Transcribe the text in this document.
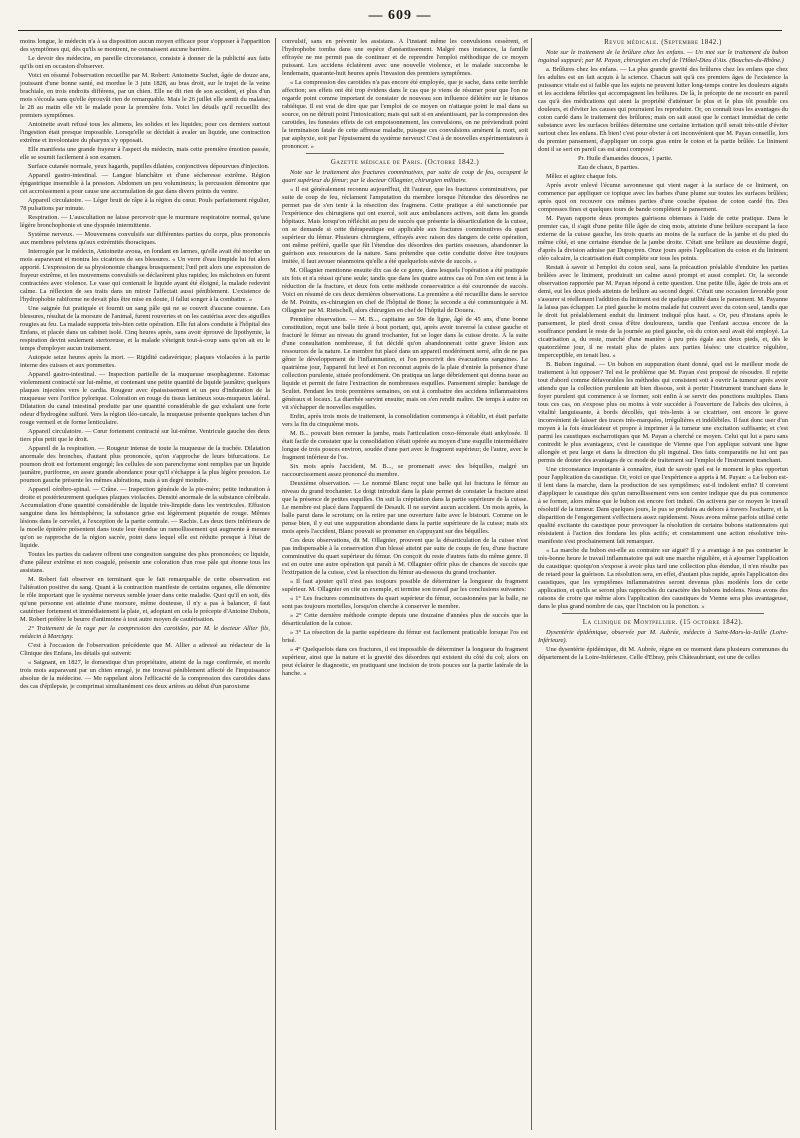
— 609 —

moins longue, le médecin n'a à sa disposition aucun moyen efficace pour s'opposer à l'apparition des symptômes qui, dès qu'ils se montrent, ne connaissent aucune barrière.

Le devoir des médecins, en pareille circonstance, consiste à donner de la publicité aux faits qu'ils ont en occasion d'observer.

Voici en résumé l'observation recueillie par M. Robert: Antoinette Suchet, âgée de douze ans, jouissant d'une bonne santé, est mordue le 3 juin 1828, au bras droit, sur le trajet de la veine brachiale, en trois endroits différens, par un chien. Elle ne dit rien de son accident, et plus d'un mois s'écoula sans qu'elle éprouvât rien de remarquable. Mais le 26 juillet elle sentit du malaise; le 28 au matin elle vit le malade pour la première fois. Voici les détails qu'il recueillit des premiers symptômes.

Antoinette avait refusé tous les alimens, les solides et les liquides; pour ces derniers surtout l'ingestion était presque impossible. Lorsqu'elle se décidait à avaler un liquide, une contraction extrême et involontaire du pharynx s'y opposait.

Elle manifesta une grande frayeur à l'aspect du médecin, mais cette première émotion passée, elle se soumit facilement à son examen.

Surface cutanée normale, yeux hagards, pupilles dilatées, conjonctives dépourvues d'injection.

Appareil gastro-intestinal. — Langue blanchâtre et d'une sécheresse extrême. Région épigastrique insensible à la pression. Abdomen un peu volumineux; la percussion démontre que cet accroissement a pour cause une accumulation de gaz dans divers points du ventre.

Appareil circulatoire. — Léger bruit de râpe à la région du cœur. Pouls parfaitement régulier, 78 pulsations par minute.

Respiration. — L'auscultation ne laisse percevoir que le murmure respiratoire normal, qu'une légère bronchophonie et une dyspnée intermittente.

Système nerveux. — Mouvemens convulsifs sur différentes parties du corps, plus prononcés aux membres pelviens qu'aux extrémités thoraciques.

Interrogée par le médecin, Antoinette avoua, en fondant en larmes, qu'elle avait été mordue un mois auparavant et montra les cicatrices de ses blessures. « Un verre d'eau limpide lui fut alors apporté. L'expression de sa physionomie changea brusquement; l'œil prit alors une expression de frayeur extrême, et les mouvemens convulsifs se déclarèrent plus rapides; les mâchoires en furent contractées avec violence. Le vase qui contenait le liquide ayant été éloigné, la malade redevint calme. La réflexion de ses traits dans un miroir l'affectait aussi péniblement. L'existence de l'hydrophobie rabiforme ne devait plus être mise en doute, il fallut songer à la combattre. »

Une saignée fut pratiquée et fournit un sang pâle qui ne se couvrit d'aucune couenne. Les blessures, résultat de la morsure de l'animal, furent rouvertes et on les cautérisa avec des aiguilles rougies au feu. La malade supporta très-bien cette opération. Elle fut alors conduite à l'hôpital des Enfans, et placée dans un cabinet isolé. Cinq heures après, sans avoir éprouvé de lipothymie, la respiration devint seulement stertoreuse, et la malade s'éteignit tout-à-coup sans qu'on ait eu le temps d'employer aucun traitement.

Autopsie seize heures après la mort. — Rigidité cadavérique; plaques violacées à la partie interne des cuisses et aux pommettes.

Appareil gastro-intestinal. — Inspection partielle de la muqueuse œsophagienne. Estomac violemment contracté sur lui-même, et contenant une petite quantité de liquide jaunâtre; quelques plaques injectées vers le cardia. Rougeur avec épaississement et un peu d'induration de la muqueuse vers l'orifice pylorique. Coloration en rouge du tissus lamineux sous-muqueux latéral. Dilatation du canal intestinal produite par une quantité considérable de gaz exhalant une forte odeur d'hydrogène sulfuré. Vers la région iléo-cæcale, la muqueuse présente quelques taches d'un rouge vermeil et de forme lenticulaire.

Appareil circulatoire. — Cœur fortement contracté sur lui-même. Ventricule gauche des deux tiers plus petit que le droit.

Appareil de la respiration. — Rougeur intense de toute la muqueuse de la trachée. Dilatation anormale des bronches, d'autant plus prononcée, qu'on s'approche de leurs bifurcations. Le poumon droit est fortement engorgé; les cellules de son parenchyme sont remplies par un liquide jaunâtre, puriforme, en assez grande abondance pour qu'il s'échappe à la plus légère pression. Le poumon gauche présente les mêmes altérations, mais à un degré moindre.

Appareil cérébro-spinal. — Crâne. — Inspection générale de la pie-mère; petite induration à droite et postérieurement quelques plaques violacées. Densité anormale de la substance cérébrale. Accumulation d'une quantité considérable de liquide très-limpide dans les ventricules. Effusion sanguine dans les hémisphères; la substance grise est légèrement piquetée de rouge. Mêmes lésions dans le cervelet, à l'exception de la partie centrale. — Rachis. Les deux tiers inférieurs de la moelle épinière présentent dans toute leur étendue un ramollissement qui augmente à mesure qu'on se rapproche de la région sacrée, point dans lequel elle est réduite presque à l'état de liquide.

Toutes les parties du cadavre offrent une congestion sanguine des plus prononcées; ce liquide, d'une pâleur extrême et non coagulé, présente une coloration d'un rose pâle qui étonne tous les assistans.

M. Robert fait observer en terminant que le fait remarquable de cette observation est l'altération positive du sang. Quant à la contraction manifeste de certains organes, elle démontre le rôle important que le système nerveux semble jouer dans cette maladie. Quoi qu'il en soit, dès qu'une personne est atteinte d'une morsure, même douteuse, il n'y a pas à balancer, il faut cautériser fortement et immédiatement la plaie, et, adoptant en cela le précepte d'Antoine Dubois, M. Robert préfère le beurre d'antimoine à tout autre moyen de cautérisation.

2° Traitement de la rage par la compression des carotides, par M. le docteur Allier fils, médecin à Marcigny.

C'est à l'occasion de l'observation précédente que M. Allier a adressé au rédacteur de la Clinique des Enfans, les détails qui suivent:

« Saignant, en 1827, le domestique d'un propriétaire, atteint de la rage confirmée, et mordu trois mois auparavant par un chien enragé, je me trouvai péniblement affecté de l'impuissance absolue de la médecine. — Me rappelant alors l'efficacité de la compression des carotides dans des cas d'épilepsie, je comprimai simultanément ces deux artères au début d'un paroxisme

convulsif, sans en prévenir les assistans. À l'instant même les convulsions cessèrent, et l'hydrophobe tomba dans une espèce d'anéantissement. Malgré mes instances, la famille effrayée ne me permit pas de continuer et de reprendre l'emploi méthodique de ce moyen puissant. Les accidens éclatèrent avec une nouvelle violence, et le malade succomba le lendemain, quarante-huit heures après l'invasion des premiers symptômes.

« La compression des carotides n'a pas encore été employée, que je sache, dans cette terrible affection; ses effets ont été trop évidens dans le cas que je viens de résumer pour que l'on ne regarde point comme important de constater de nouveau son influence délétère sur le tétanos rabiéique. Il est vrai de dire que par l'emploi de ce moyen on n'attaque point le mal dans sa source, on ne détruit point l'intoxication; mais qui sait si en anéantissant, par la compression des carotides, les funestes effets de cet empoisonnement, les convulsions, on ne préviendrait point la terminaison fatale de cette affreuse maladie, puisque ces convulsions amènent la mort, soit par asphyxie, soit par l'épuisement du système nerveux! C'est à de nouvelles expérimentateurs à prononcer. »

Gazette médicale de Paris. (Octobre 1842.)

Note sur le traitement des fractures comminutives, par suite de coup de feu, occupant le quart supérieur du fémur; par le docteur Ollagnier, chirurgien militaire.

« Il est généralement reconnu aujourd'hui, dit l'auteur, que les fractures comminutives, par suite de coup de feu, réclament l'amputation du membre lorsque l'étendue des désordres ne permet pas de s'en tenir à la résection des fragmens. Cette pratique a été sanctionnée par l'expérience des chirurgiens qui ont exercé, soit aux ambulances actives, soit dans les grands hôpitaux. Mais lorsqu'on réfléchit au peu de succès que présente la désarticulation de la cuisse, on se demande si cette thérapeutique est applicable aux fractures comminutives du quart supérieur du fémur. Plusieurs chirurgiens, effrayés avec raison des dangers de cette opération, ont même préféré, quelle que fût l'étendue des désordres des parties osseuses, abandonner la guérison aux ressources de la nature. Sans prétendre que cette conduite doive être toujours imitée, il faut avouer néanmoins qu'elle a été quelquefois suivie de succès. »

M. Ollagnier mentionne ensuite dix cas de ce genre, dans lesquels l'opération a été pratiquée six fois et n'a réussi qu'une seule; tandis que dans les quatre autres cas où l'on s'en est tenu à la réduction de la fracture, et deux fois cette méthode conservatrice a été couronnée de succès. Voici en résumé de ces deux dernières observations. La première a été recueillie dans le service de M. Poinits, ex-chirurgien en chef de l'hôpital de Bone; la seconde a été communiquée à M. Ollagnier par M. Rietschell, alors chirurgien en chef de l'hôpital de Douera.

Première observation. — M. B..., capitaine au 59e de ligne, âgé de 45 ans, d'une bonne constitution, reçut une balle tirée à bout portant, qui, après avoir traversé la cuisse gauche et fracturé le fémur au niveau du grand trochanter, fut se loger dans la cuisse droite. À la suite d'une consultation nombreuse, il fut décidé qu'on abandonnerait cette grave lésion aux ressources de la nature. Le membre fut placé dans un appareil modérément serré, afin de ne pas gêner le développement de l'inflammation, et l'on prescrivit des évacuations sanguines. Le quatrième jour, l'appareil fut levé et l'on reconnut auprès de la plaie d'entrée la présence d'une collection purulente, située profondément. On pratiqua un large débridement qui donna issue au liquide et permit de faire l'extraction de nombreuses esquilles. Pansement simple: bandage de Scultet. Pendant les trois premières semaines, on eut à combattre des accidens inflammatoires généraux et locaux. La diarrhée survint ensuite; mais on s'en rendit maître. De temps à autre on vit s'échapper de nouvelles esquilles.

Enfin, après trois mois de traitement, la consolidation commença à s'établir, et était parfaite vers la fin du cinquième mois.

M. B... pouvait bien remuer la jambe, mais l'articulation coxo-fémorale était ankylosée. Il était facile de constater que la consolidation s'était opérée au moyen d'une esquille intermédiaire longue de trois pouces environ, soudée d'une part avec le fragment supérieur; de l'autre, avec le fragment inférieur de l'os.

Six mois après l'accident, M. B..., se promenait avec des béquilles, malgré un raccourcissement assez prononcé du membre.

Deuxième observation. — Le nommé Blanc reçut une balle qui lui fractura le fémur au niveau du grand trochanter. Le doigt introduit dans la plaie permet de constater la fracture ainsi que la présence de petites esquilles. On suit la crépitation dans la partie supérieure de la cuisse. Le membre est placé dans l'appareil de Desault. Il ne survint aucun accident. Un mois après, la balle parut dans le scrotum; on la retire par une ouverture faite avec le bistouri. Comme on le pense bien, il y eut une suppuration abondante dans la partie supérieure de la cuisse; mais six mois après l'accident, Blanc pouvait se promener en s'appuyant sur des béquilles.

Ces deux observations, dit M. Ollagnier, prouvent que la désarticulation de la cuisse n'est pas indispensable à la conservation d'un blessé atteint par suite de coups de feu, d'une fracture comminutive du quart supérieur du fémur. On conçoit du reste d'autres faits du même genre. Il est en outre une autre opération qui paraît à M. Ollagnier offrir plus de chances de succès que l'extirpation de la cuisse, c'est la résection du fémur au-dessous du grand trochanter.

« Il faut ajouter qu'il n'est pas toujours possible de déterminer la longueur du fragment supérieur. M. Ollagnier en cite un exemple, et termine son travail par les conclusions suivantes:

« 1° Les fractures comminutives du quart supérieur du fémur, occasionnées par la balle, ne sont pas toujours mortelles, lorsqu'on cherche à conserver le membre.

» 2° Cette dernière méthode compte depuis une douzaine d'années plus de succès que la désarticulation de la cuisse.

» 3° La résection de la partie supérieure du fémur est facilement praticable lorsque l'os est brisé.

» 4° Quelquefois dans ces fractures, il est impossible de déterminer la longueur du fragment supérieur, ainsi que la nature et la gravité des désordres qui existent du côté du col; alors on peut éclairer le diagnostic, en pratiquant une incision de trois pouces sur la partie latérale de la hanche. »

Revue médicale. (Septembre 1842.)

Note sur le traitement de la brûlure chez les enfans. — Un mot sur le traitement du bubon inguinal suppuré; par M. Payan, chirurgien en chef de l'Hôtel-Dieu d'Aix. (Bouches-du-Rhône.)

a. Brûlures chez les enfans. — La plus grande gravité des brûlures chez les enfans que chez les adultes est un fait acquis à la science. Chacun sait qu'à ces premiers âges de l'existence la puissance vitale est si faible que les sujets ne peuvent lutter long-temps contre les douleurs aiguës et les accidens fébriles qui accompagnent les brûlures. De là, le précepte de ne recourir en pareil cas qu'à des médications qui aient la propriété d'atténuer le plus et le plus tôt possible ces douleurs, et d'éviter les causes qui pourraient les reproduire. Or, on connaît tous les avantages du coton cardé dans le traitement des brûlures; mais on sait aussi que le contact immédiat de cette substance avec les surfaces brûlées détermine une certaine irritation qu'il serait très-utile d'éviter surtout chez les enfans. Eh bien! c'est pour obvier à cet inconvénient que M. Payan conseille, lors du premier pansement, d'appliquer un corps gras entre le coton et la partie brûlée. Le liniment dont il se sert en pareil cas est ainsi composé:

Pr. Huile d'amandes douces, 1 partie.
Eau de chaux, 8 parties.

Mêlez et agitez chaque fois.

Après avoir enlevé l'écume savonneuse qui vient nager à la surface de ce liniment, on commence par appliquer ce topique avec les barbes d'une plume sur toutes les surfaces brûlées; après quoi on recouvre ces mêmes parties d'une couche épaisse de coton cardé fin. Des compresses fines et quelques tours de bande complètent le pansement.

M. Payan rapporte deux promptes guérisons obtenues à l'aide de cette pratique. Dans le premier cas, il s'agit d'une petite fille âgée de cinq mois, atteinte d'une brûlure occupant la face externe de la cuisse gauche, les trois quarts au moins de la surface de la jambe et du pied du même côté, et une certaine étendue de la jambe droite. C'était une brûlure au deuxième degré, d'après la division admise par Dupuytren. Onze jours après l'application du coton et du liniment oléo calcaire, la cicatrisation était complète sur tous les points.

Restait à savoir si l'emploi du coton seul, sans la précaution préalable d'enduire les parties brûlées avec le liniment, produirait un calme aussi prompt et aussi complet. Or, la seconde observation rapportée par M. Payan répond à cette question. Une petite fille, âgée de trois ans et demi, eut les deux pieds atteints de brûlure au second degré. C'était une occasion favorable pour s'assurer si réellement l'addition du liniment est de quelque utilité dans le pansement. M. Payanne la laissa pas échapper. Le pied gauche le moins malade fut couvert avec du coton seul, tandis que le droit fut préalablement enduit du liniment indiqué plus haut. « Or, peu d'instans après le pansement, le pied droit cessa d'être douloureux, tandis que l'enfant accusa encore de la souffrance pendant le reste de la journée au pied gauche, où du coton seul avait été employé. La cicatrisation a, du reste, marché d'une manière à peu près égale aux deux pieds, et, dès le quatorzième jour, il ne restait plus de plaies aux parties lésées: une cicatrice régulière, imperceptible, en tenait lieu. »

B. Bubon inguinal. — Un bubon en suppuration étant donné, quel est le meilleur mode de traitement à lui opposer? Tel est le problème que M. Payan s'est proposé de résoudre. Il rejette tout d'abord comme défavorables les méthodes qui consistent soit à ouvrir la tumeur après avoir attendu que la collection purulente ait bien dissous, soit à porter l'instrument tranchant dans le foyer purulent qui commence à se former, soit enfin à se servir des ponctions multiples. Dans tous ces cas, on s'expose plus ou moins à voir succéder à l'ouverture de l'abcès des ulcères, à vitalité languissante, à bords décollés, qui très-lents à se cicatriser, ont encore le grave inconvénient de laisser des traces très-marquées, irrégulières et indélébiles. Il faut donc user d'un moyen à la fois énucléateur et propre à imprimer à la tumeur une excitation suffisante; et c'est parmi les caustiques escharrotiques que M. Payan a cherché ce moyen. Celui qui lui a paru sans contredit le plus avantageux, c'est le caustique de Vienne que l'on applique suivant une ligne allongée et peu large et dans la direction du pli inguinal. Des faits comparatifs ne lui ont pas permis de douter des avantages de ce mode de traitement sur l'emploi de l'instrument tranchant.

Une circonstance importante à connaître, était de savoir quel est le moment le plus opportun pour l'application du caustique. Or, voici ce que l'expérience a appris à M. Payan: « Le bubon est-il lent dans la marche, dans la production de ses symptômes; est-il indolent enfin? Il convient d'appliquer le caustique dès qu'un ramollissement vers son centre indique que du pus commence à se former, alors même que le bubon est encore fort induré. On activera par ce moyen le travail résolutif de la tumeur. Dans quelques jours, le pus se produira au dehors à travers l'escharre, et la disparition de l'engorgement s'effectuera assez rapidement. Nous avons même parfois utilisé cette qualité excitante du caustique pour provoquer la résolution de certains bubons stationnaires qui résistaient à l'action des fondans les plus actifs; et constamment une action résolutive très-manifeste s'est prochainement fait remarquer.

« La marche du bubon est-elle au contraire sur aiguë? Il y a avantage à ne pas contrarier le très-bonne heure le travail inflammatoire qui suit une marche régulière, et à ajourner l'application du caustique: quoiqu'on s'expose à avoir plus tard une collection plus étendue, il n'en résulte pas de retard pour la guérison. La résolution sera, en effet, d'autant plus rapide, après l'application des caustiques, que les symptômes inflammatoires seront devenus plus modérés lors de cette application, et qu'ils se seront plus rapprochés du caractère des bubons indolens. Nous avons des raisons de croire que même alors l'application des caustiques de Vienne sera plus avantageuse, dans le plus grand nombre de cas, que l'incision ou la ponction. »

La clinique de Montpellier. (15 octobre 1842).

Dysentérie épidémique, observée par M. Aubrée, médecin à Saint-Mars-la-Jaille (Loire-Inférieure).

Une dysentérie épidémique, dit M. Aubrée, règne en ce moment dans plusieurs communes du département de la Loire-Inférieure. Celle d'Ebray, près Châteaubriant, est une de celles
